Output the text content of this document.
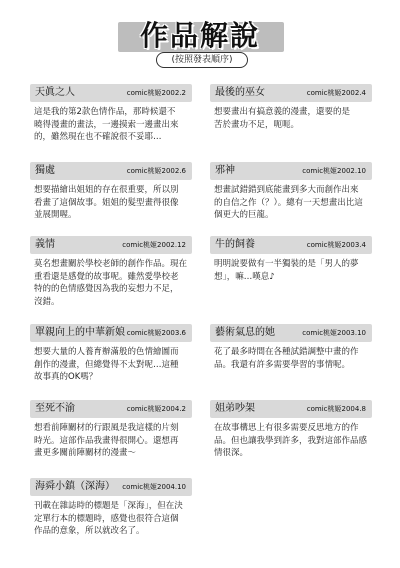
作品解說
(按照發表順序)
天眞之人	comic桃姬2002.2
這是我的第2款色情作品，那時候還不
曉得漫畫的畫法，一邊摸索一邊畫出來
的，雖然現在也不確說很不妥耶…
最後的巫女	comic桃姬2002.4
想要畫出有搞意義的漫畫，還要的是
苦於畫功不足，呃呃。
獨處	comic桃姬2002.6
想要描繪出姐姐的存在很重要，所以別
看畫了這個故事。姐姐的髮型畫得很像
並展開喔。
邪神	comic桃姬2002.10
想畫試錯錯到底能畫到多大而創作出來
的自信之作（？）。總有一天想畫出比這
個更大的巨龍。
義情	comic桃姬2002.12
莫名想畫關於學校老師的創作作品。現在
重看還是感覺的故事呢。雖然愛學校老
特的的色情感覺因為我的妄想力不足，
沒錯。
牛的飼養	comic桃姬2003.4
明明說要做有一半獨裝的是「男人的夢
想」，嘛…嘆息♪
單親向上的中華新娘 comic桃姬2003.6
想要大量的人養育辦滿般的色情繪圖而
創作的漫畫，但總覺得不太對呢…這種
故事真的OK嗎？
藝術氣息的她	comic桃姬2003.10
花了最多時間在各種試錯調整中畫的作
品。我還有許多需要學習的事情呢。
至死不渝	comic桃姬2004.2
想看前陣關材的行跟風是我這樣的片刻
時光。這部作品我畫得很開心。還想再
畫更多關前陣關材的漫畫～
姐弟吵架	comic桃姬2004.8
在故事構思上有很多需要反思地方的作
品。但也讓我學到許多，我對這部作品感
情很深。
海舜小鎮（深海） comic桃姬2004.10
刊載在雜誌時的標題是「深海」，但在決
定單行本的標題時，感覺也很符合這個
作品的意象，所以就改名了。
